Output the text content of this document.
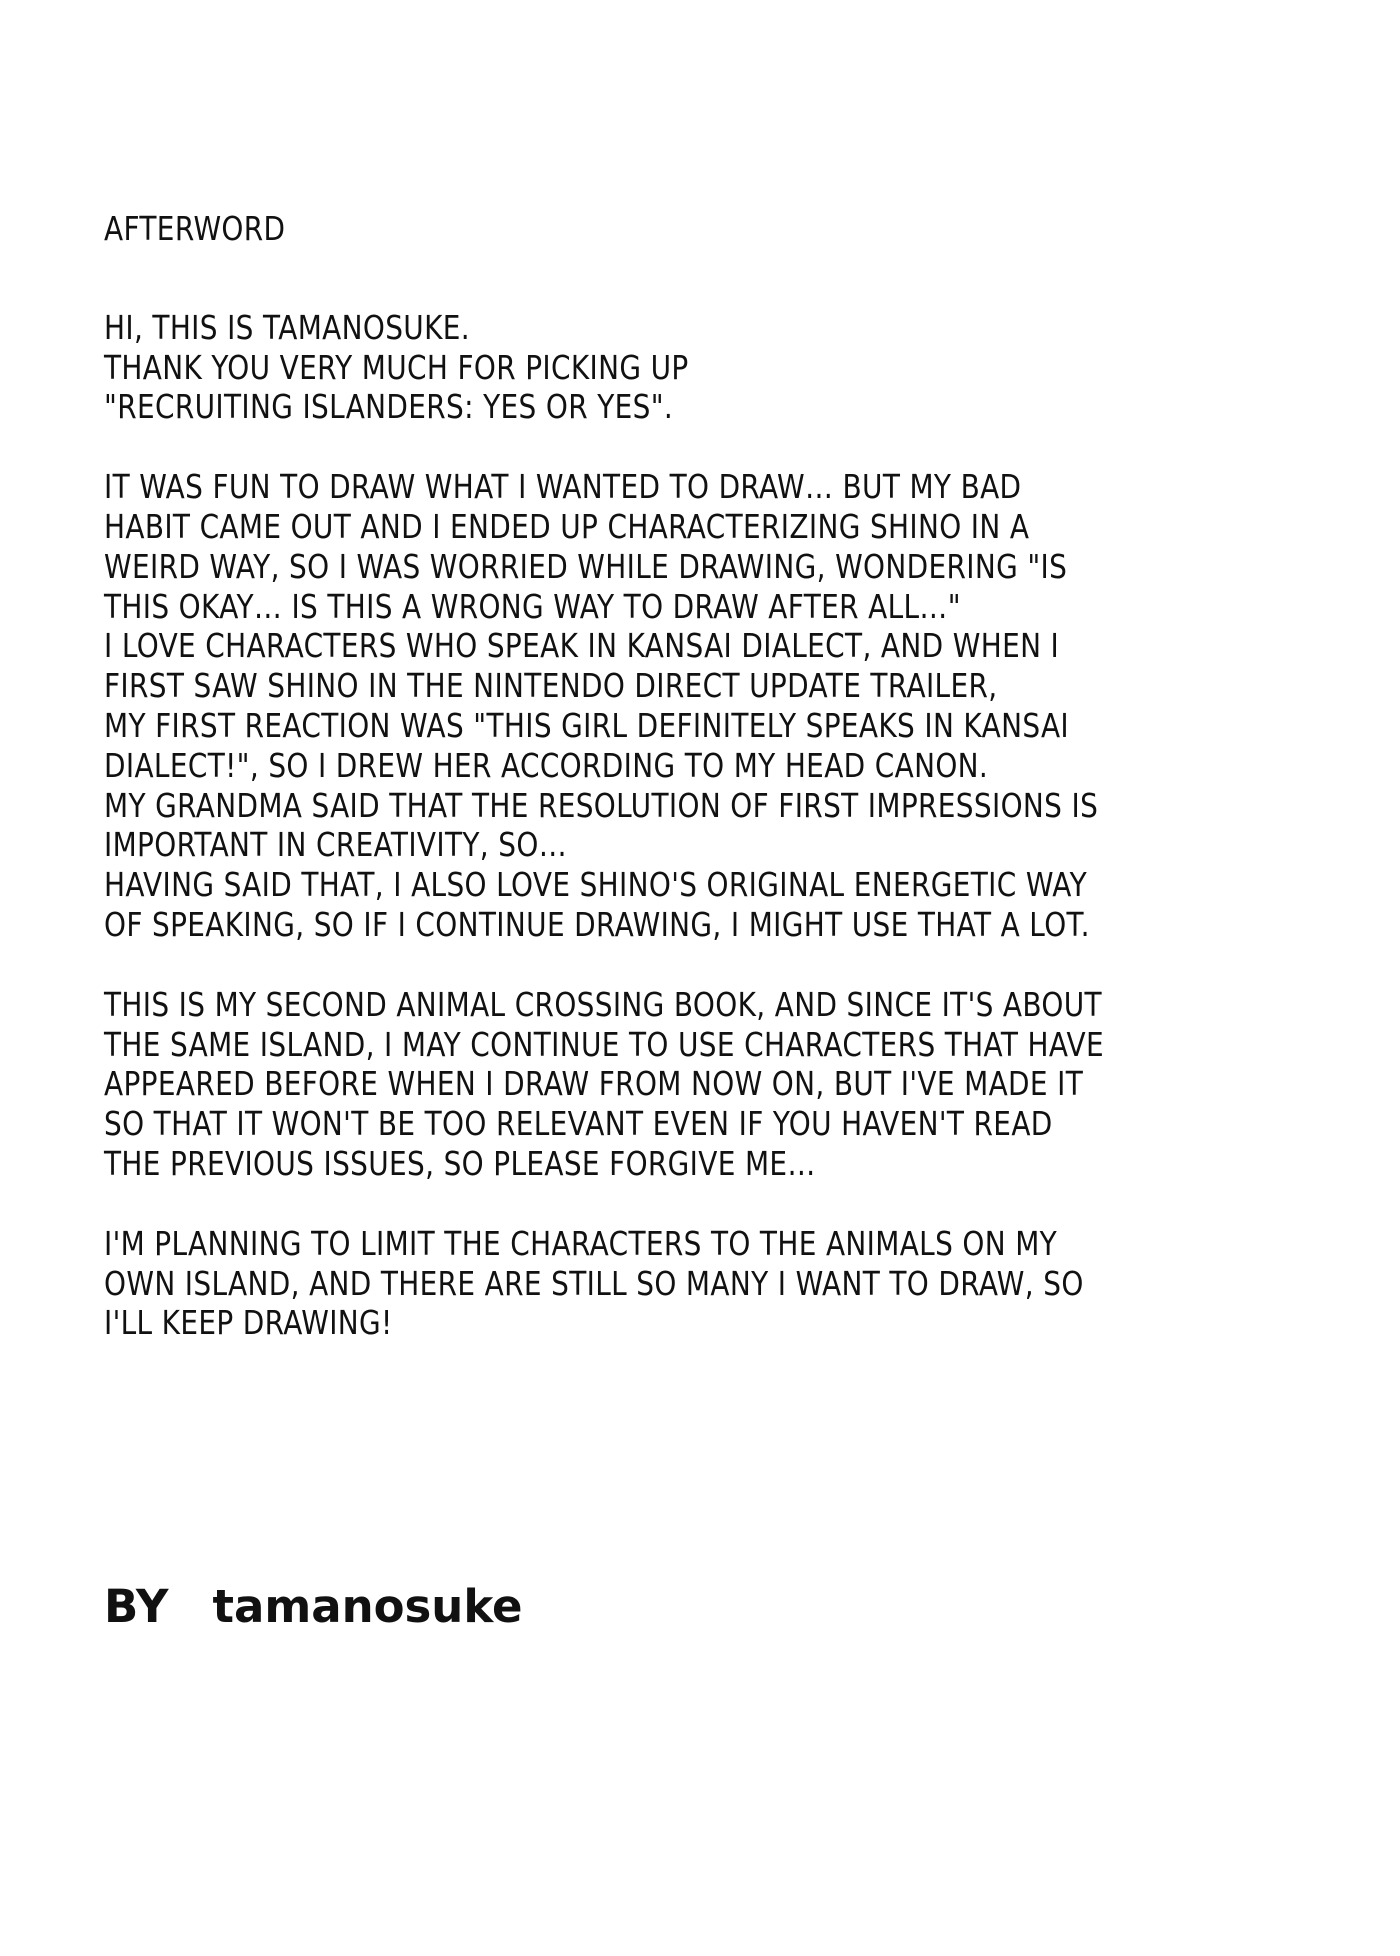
AFTERWORD
HI, THIS IS TAMANOSUKE.
THANK YOU VERY MUCH FOR PICKING UP
"RECRUITING ISLANDERS: YES OR YES".
IT WAS FUN TO DRAW WHAT I WANTED TO DRAW… BUT MY BAD
HABIT CAME OUT AND I ENDED UP CHARACTERIZING SHINO IN A
WEIRD WAY, SO I WAS WORRIED WHILE DRAWING, WONDERING "IS
THIS OKAY… IS THIS A WRONG WAY TO DRAW AFTER ALL…"
I LOVE CHARACTERS WHO SPEAK IN KANSAI DIALECT, AND WHEN I
FIRST SAW SHINO IN THE NINTENDO DIRECT UPDATE TRAILER,
MY FIRST REACTION WAS "THIS GIRL DEFINITELY SPEAKS IN KANSAI
DIALECT!", SO I DREW HER ACCORDING TO MY HEAD CANON.
MY GRANDMA SAID THAT THE RESOLUTION OF FIRST IMPRESSIONS IS
IMPORTANT IN CREATIVITY, SO…
HAVING SAID THAT, I ALSO LOVE SHINO'S ORIGINAL ENERGETIC WAY
OF SPEAKING, SO IF I CONTINUE DRAWING, I MIGHT USE THAT A LOT.
THIS IS MY SECOND ANIMAL CROSSING BOOK, AND SINCE IT'S ABOUT
THE SAME ISLAND, I MAY CONTINUE TO USE CHARACTERS THAT HAVE
APPEARED BEFORE WHEN I DRAW FROM NOW ON, BUT I'VE MADE IT
SO THAT IT WON'T BE TOO RELEVANT EVEN IF YOU HAVEN'T READ
THE PREVIOUS ISSUES, SO PLEASE FORGIVE ME…
I'M PLANNING TO LIMIT THE CHARACTERS TO THE ANIMALS ON MY
OWN ISLAND, AND THERE ARE STILL SO MANY I WANT TO DRAW, SO
I'LL KEEP DRAWING!
BY tamanosuke
